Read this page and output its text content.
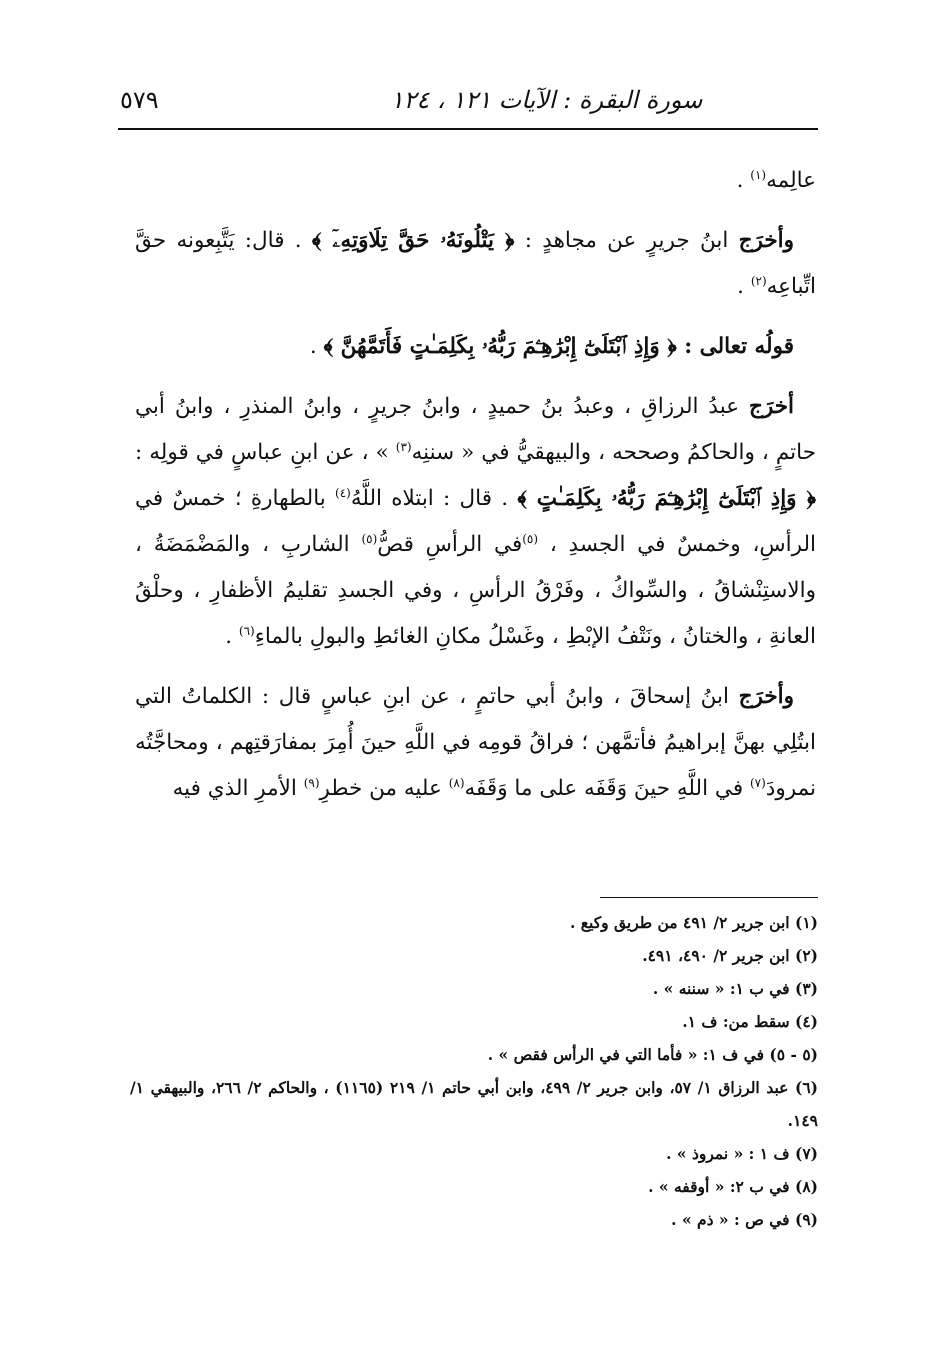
سورة البقرة : الآيات ١٢١ ، ١٢٤
٥٧٩

عالِمه$^{(١)}$ .

وأخرَج ابنُ جريرٍ عن مجاهدٍ : ﴿ يَتْلُونَهُۥ حَقَّ تِلَاوَتِهِۦٓ ﴾ . قال: يَتَّبِعونه حقَّ اتِّباعِه$^{(٢)}$ .

قولُه تعالى : ﴿ وَإِذِ ٱبْتَلَىٰٓ إِبْرَٰهِـۧمَ رَبُّهُۥ بِكَلِمَـٰتٍ فَأَتَمَّهُنَّ ﴾ .

أخرَج عبدُ الرزاقِ ، وعبدُ بنُ حميدٍ ، وابنُ جريرٍ ، وابنُ المنذرِ ، وابنُ أبي حاتمٍ ، والحاكمُ وصححه ، والبيهقيُّ في « سننِه$^{(٣)}$ » ، عن ابنِ عباسٍ في قولِه : ﴿ وَإِذِ ٱبْتَلَىٰٓ إِبْرَٰهِـۧمَ رَبُّهُۥ بِكَلِمَـٰتٍ ﴾ . قال : ابتلاه اللَّهُ$^{(٤)}$ بالطهارةِ ؛ خمسٌ في الرأسِ، وخمسٌ في الجسدِ ، $^{(٥)}$في الرأسِ قصُّ$^{(٥)}$ الشاربِ ، والمَضْمَضَةُ ، والاستِنْشاقُ ، والسِّواكُ ، وفَرْقُ الرأسِ ، وفي الجسدِ تقليمُ الأظفارِ ، وحلْقُ العانةِ ، والختانُ ، ونَتْفُ الإبْطِ ، وغَسْلُ مكانِ الغائطِ والبولِ بالماءِ$^{(٦)}$ .

وأخرَج ابنُ إسحاقَ ، وابنُ أبي حاتمٍ ، عن ابنِ عباسٍ قال : الكلماتُ التي ابتُلِي بهنَّ إبراهيمُ فأتمَّهن ؛ فراقُ قومِه في اللَّهِ حينَ أُمِرَ بمفارَقتِهم ، ومحاجَّتُه نمرودَ$^{(٧)}$ في اللَّهِ حينَ وَقَفَه على ما وَقَفَه$^{(٨)}$ عليه من خطرِ$^{(٩)}$ الأمرِ الذي فيه

(١) ابن جرير ٢/ ٤٩١ من طريق وكيع .

(٢) ابن جرير ٢/ ٤٩٠، ٤٩١.

(٣) في ب ١: « سننه » .

(٤) سقط من: ف ١.

(٥ - ٥) في ف ١: « فأما التي في الرأس فقص » .

(٦) عبد الرزاق ١/ ٥٧، وابن جرير ٢/ ٤٩٩، وابن أبي حاتم ١/ ٢١٩ (١١٦٥) ، والحاكم ٢/ ٢٦٦، والبيهقي ١/ ١٤٩.

(٧) ف ١ : « نمروذ » .

(٨) في ب ٢: « أوقفه » .

(٩) في ص : « ذم » .
